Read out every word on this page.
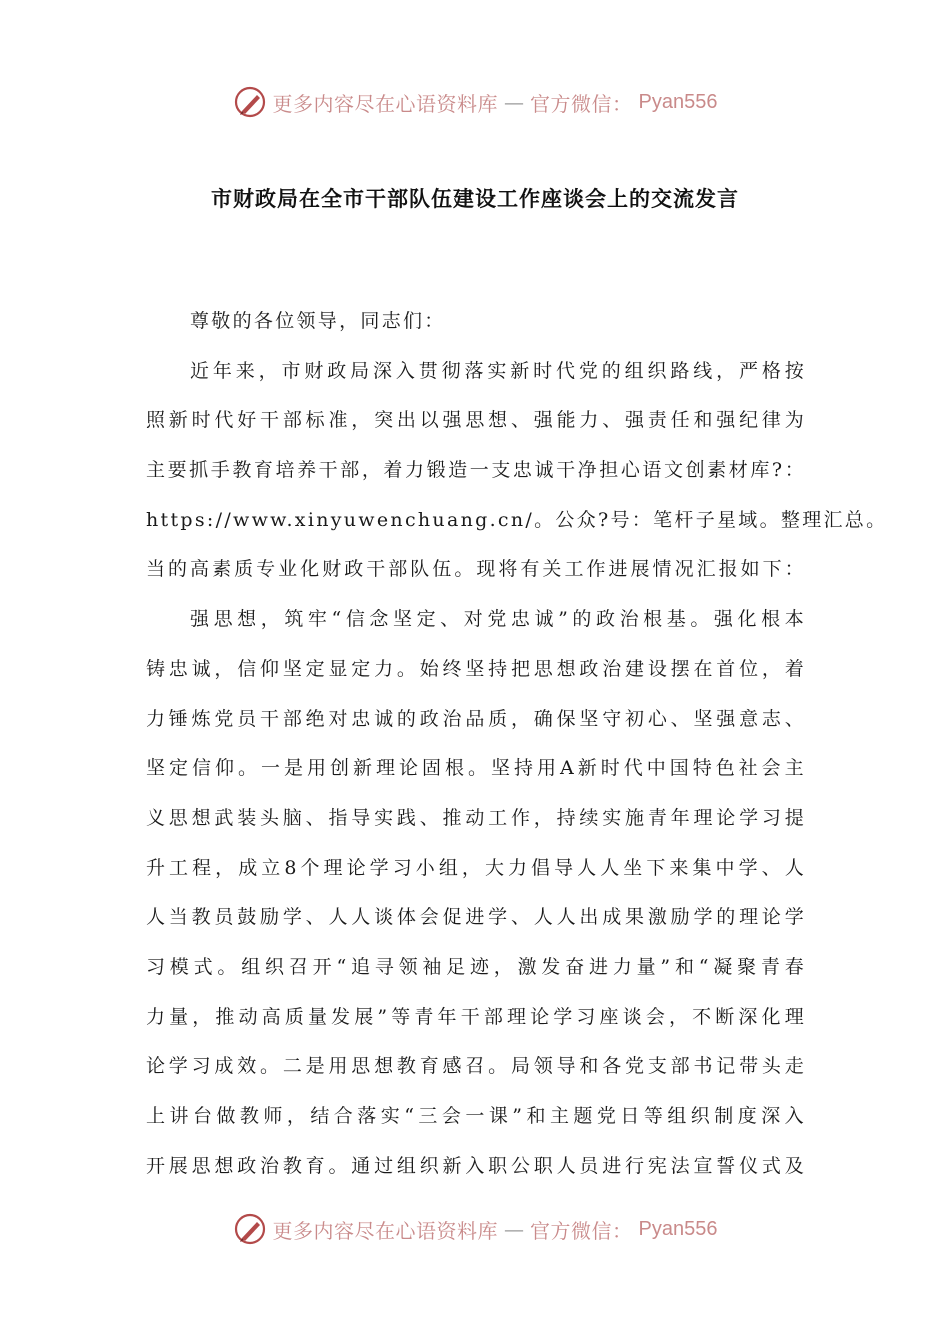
更多内容尽在心语资料库 — 官方微信： Pyan556
市财政局在全市干部队伍建设工作座谈会上的交流发言
尊敬的各位领导，同志们：
近年来，市财政局深入贯彻落实新时代党的组织路线，严格按
照新时代好干部标准，突出以强思想、强能力、强责任和强纪律为
主要抓手教育培养干部，着力锻造一支忠诚干净担心语文创素材库?：
https://www.xinyuwenchuang.cn/。公众?号：笔杆子星域。整理汇总。
当的高素质专业化财政干部队伍。现将有关工作进展情况汇报如下：
强思想，筑牢“信念坚定、对党忠诚”的政治根基。强化根本
铸忠诚，信仰坚定显定力。始终坚持把思想政治建设摆在首位，着
力锤炼党员干部绝对忠诚的政治品质，确保坚守初心、坚强意志、
坚定信仰。一是用创新理论固根。坚持用A新时代中国特色社会主
义思想武装头脑、指导实践、推动工作，持续实施青年理论学习提
升工程，成立8个理论学习小组，大力倡导人人坐下来集中学、人
人当教员鼓励学、人人谈体会促进学、人人出成果激励学的理论学
习模式。组织召开“追寻领袖足迹，激发奋进力量”和“凝聚青春
力量，推动高质量发展”等青年干部理论学习座谈会，不断深化理
论学习成效。二是用思想教育感召。局领导和各党支部书记带头走
上讲台做教师，结合落实“三会一课”和主题党日等组织制度深入
开展思想政治教育。通过组织新入职公职人员进行宪法宣誓仪式及
更多内容尽在心语资料库 — 官方微信： Pyan556
